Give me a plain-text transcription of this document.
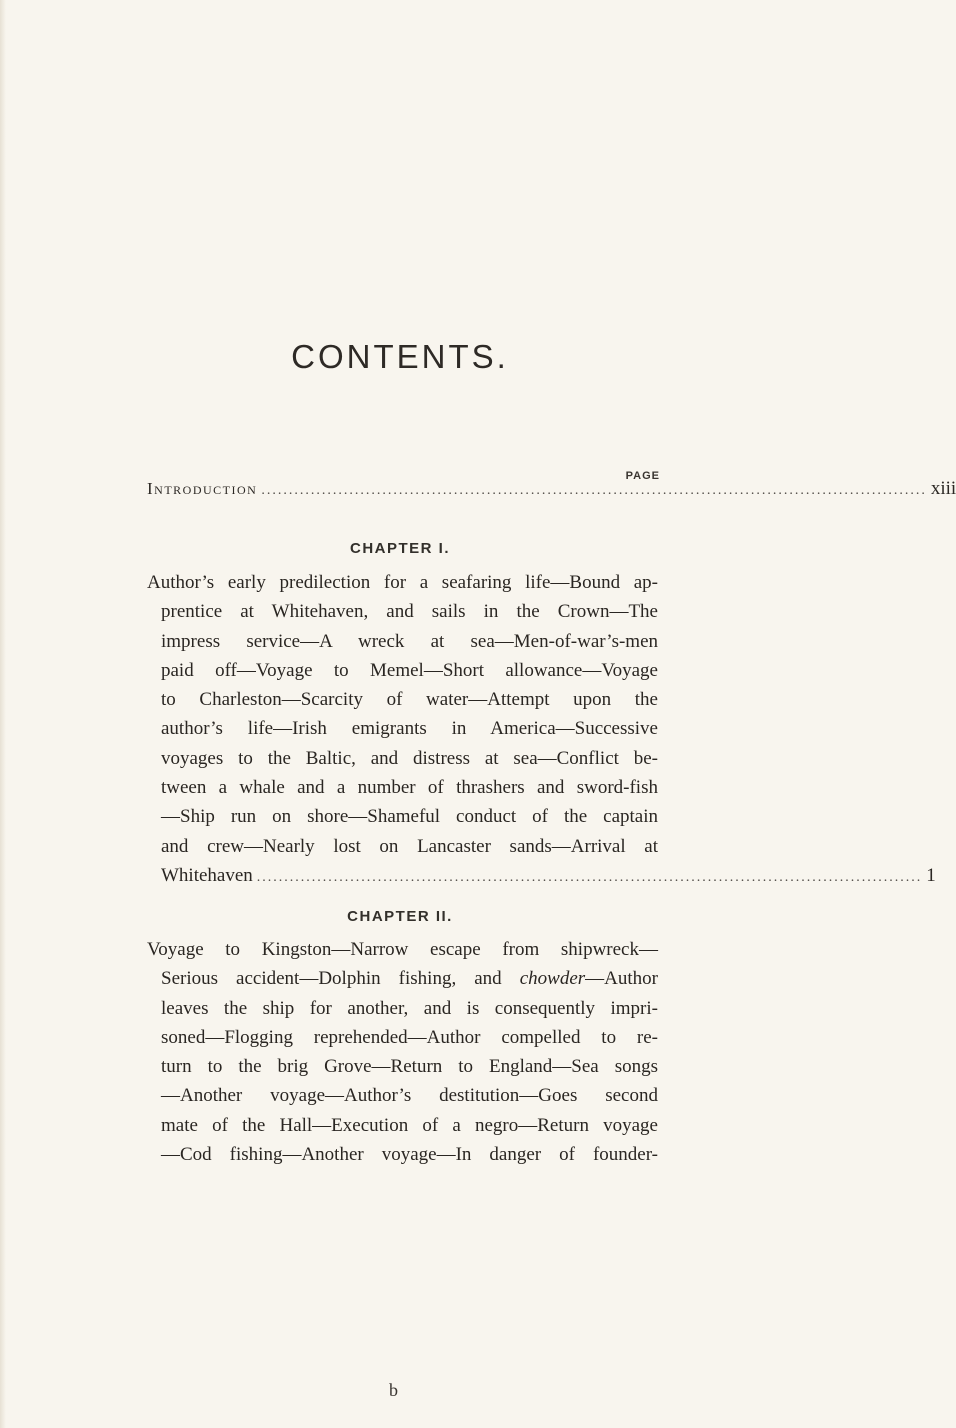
CONTENTS.
PAGE
Introduction ......................................................................................................................... xiii
CHAPTER I.
Author’s early predilection for a seafaring life—Bound ap-
prentice at Whitehaven, and sails in the Crown—The
impress service—A wreck at sea—Men-of-war’s-men
paid off—Voyage to Memel—Short allowance—Voyage
to Charleston—Scarcity of water—Attempt upon the
author’s life—Irish emigrants in America—Successive
voyages to the Baltic, and distress at sea—Conflict be-
tween a whale and a number of thrashers and sword-fish
—Ship run on shore—Shameful conduct of the captain
and crew—Nearly lost on Lancaster sands—Arrival at
Whitehaven ......................................................................................................................... 1
CHAPTER II.
Voyage to Kingston—Narrow escape from shipwreck—
Serious accident—Dolphin fishing, and chowder—Author
leaves the ship for another, and is consequently impri-
soned—Flogging reprehended—Author compelled to re-
turn to the brig Grove—Return to England—Sea songs
—Another voyage—Author’s destitution—Goes second
mate of the Hall—Execution of a negro—Return voyage
—Cod fishing—Another voyage—In danger of founder-
b
